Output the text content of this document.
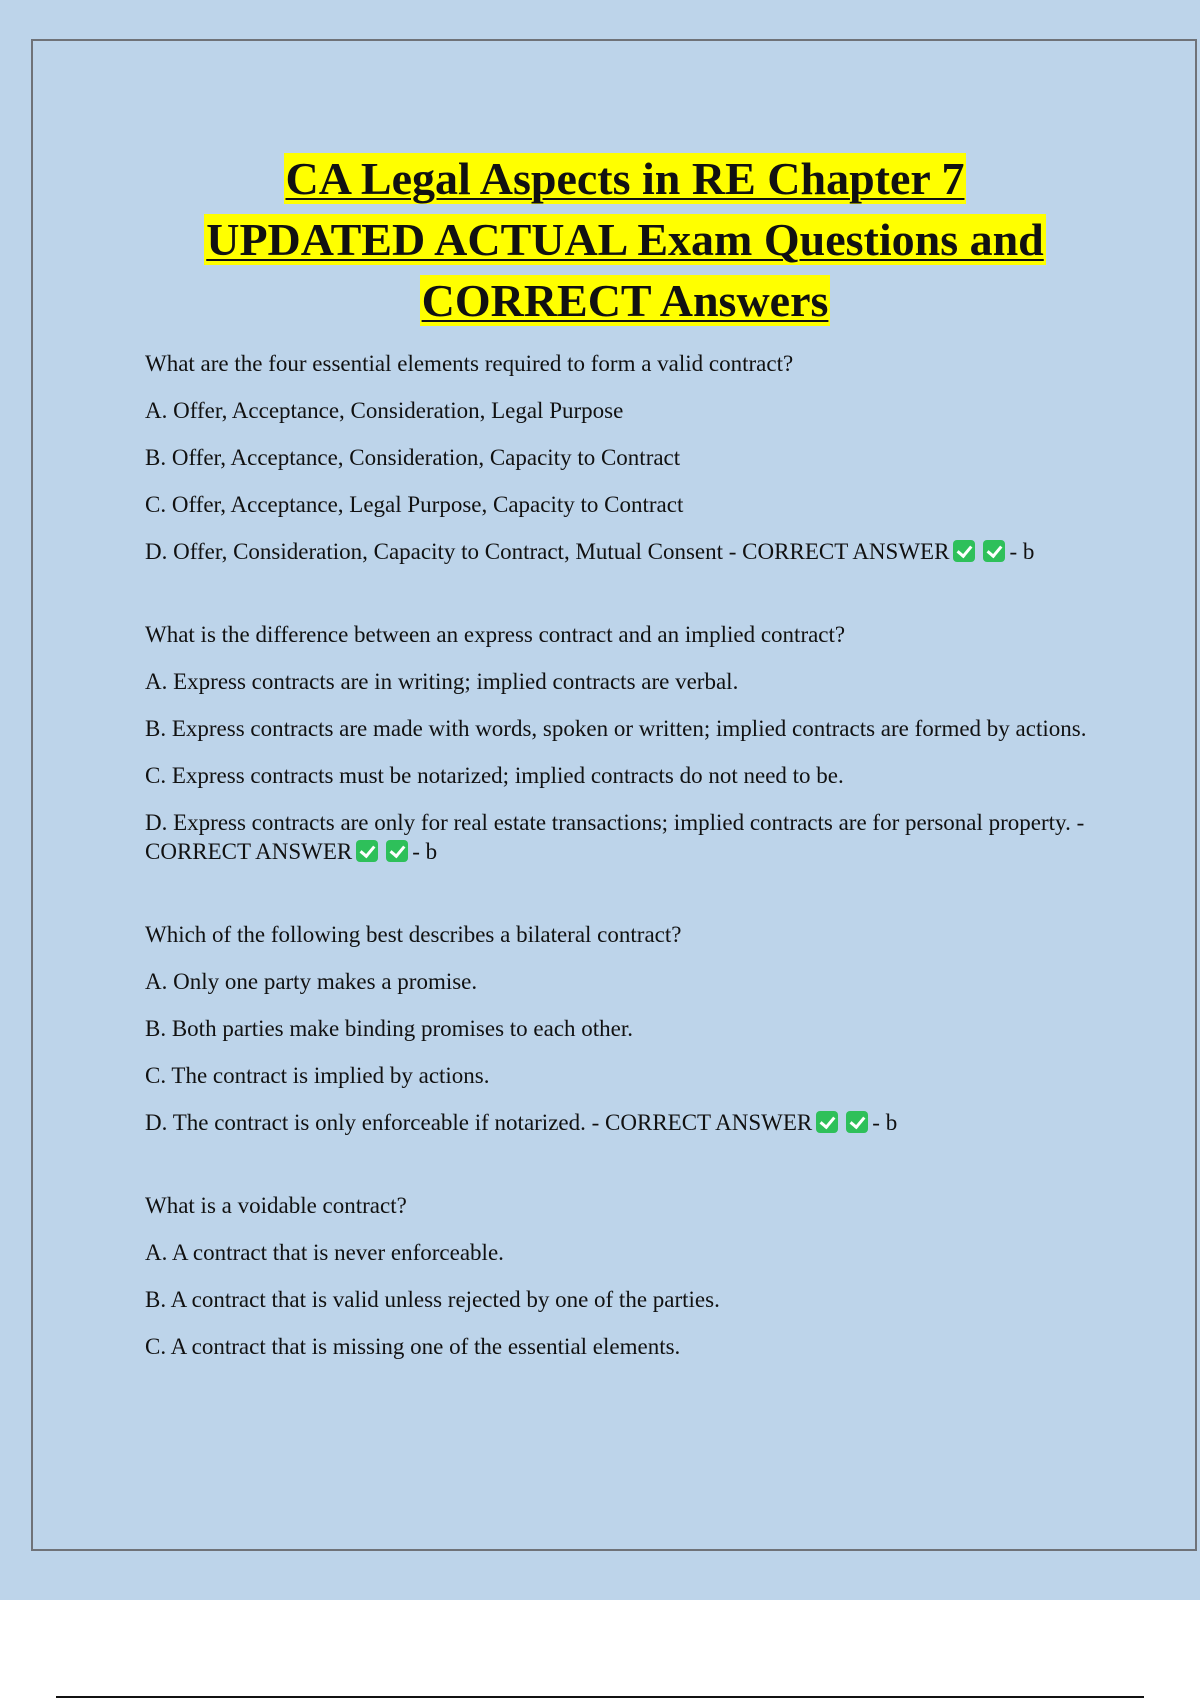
CA Legal Aspects in RE Chapter 7
UPDATED ACTUAL Exam Questions and
CORRECT Answers
What are the four essential elements required to form a valid contract?
A. Offer, Acceptance, Consideration, Legal Purpose
B. Offer, Acceptance, Consideration, Capacity to Contract
C. Offer, Acceptance, Legal Purpose, Capacity to Contract
D. Offer, Consideration, Capacity to Contract, Mutual Consent - CORRECT ANSWER	- b
What is the difference between an express contract and an implied contract?
A. Express contracts are in writing; implied contracts are verbal.
B. Express contracts are made with words, spoken or written; implied contracts are formed by actions.
C. Express contracts must be notarized; implied contracts do not need to be.
D. Express contracts are only for real estate transactions; implied contracts are for personal property. - CORRECT ANSWER	- b
Which of the following best describes a bilateral contract?
A. Only one party makes a promise.
B. Both parties make binding promises to each other.
C. The contract is implied by actions.
D. The contract is only enforceable if notarized. - CORRECT ANSWER	- b
What is a voidable contract?
A. A contract that is never enforceable.
B. A contract that is valid unless rejected by one of the parties.
C. A contract that is missing one of the essential elements.
